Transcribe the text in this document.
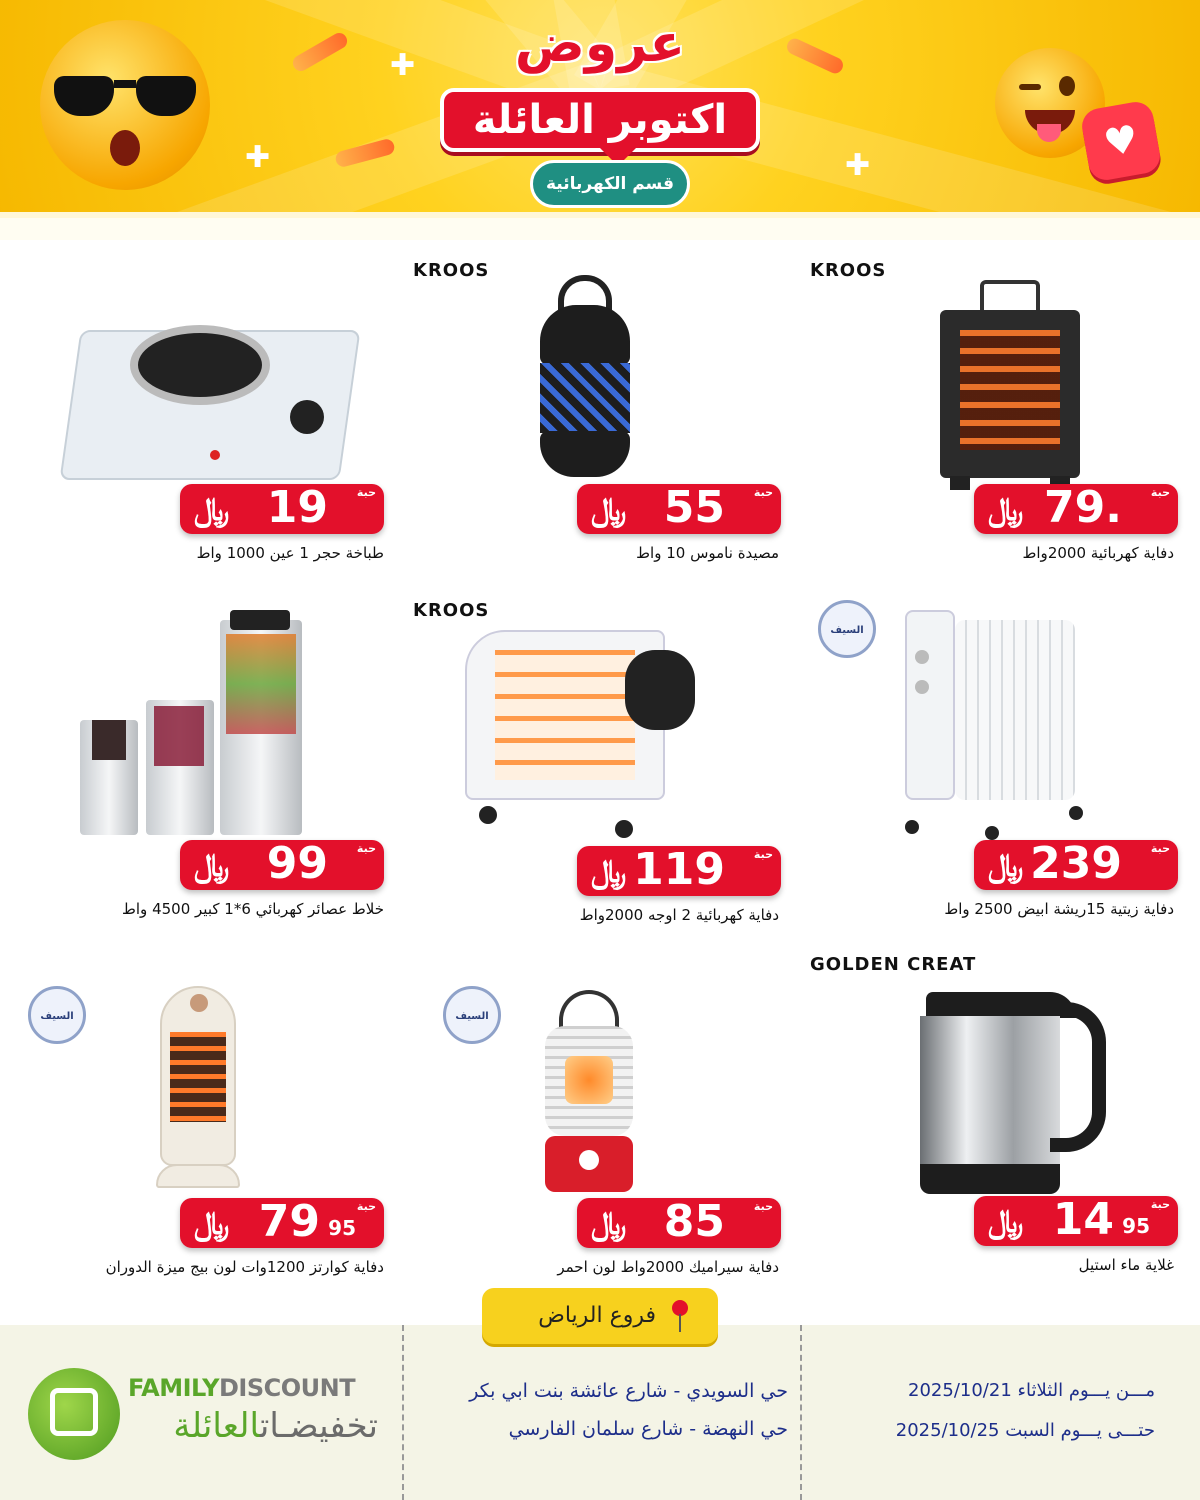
♥
✚
✚	✚
عروض
اكتوبر العائلة
قسم الكهربائية
KROOS
حبة
79.
﷼
دفاية كهربائية 2000واط
KROOS
حبة
55
﷼
مصيدة ناموس 10 واط
حبة
19
﷼
طباخة حجر 1 عين 1000 واط
السيف
حبة
239
﷼
دفاية زيتية 15ريشة ابيض 2500 واط
KROOS
حبة
119
﷼
دفاية كهربائية 2 اوجه 2000واط
حبة
99
﷼
خلاط عصائر كهربائي 6*1 كبير 4500 واط
GOLDEN CREAT
حبة
14 95
﷼
غلاية ماء استيل
السيف
حبة
85
﷼
دفاية سيراميك 2000واط لون احمر
السيف
حبة
79 95
﷼
دفاية كوارتز 1200وات لون بيج ميزة الدوران
فروع الرياض
حي السويدي - شارع عائشة بنت ابي بكر
حي النهضة - شارع سلمان الفارسي
مـــن يـــوم الثلاثاء 2025/10/21
حتـــى يـــوم السبت 2025/10/25
FAMILYDISCOUNT
تخفيضـاتالعائلة
